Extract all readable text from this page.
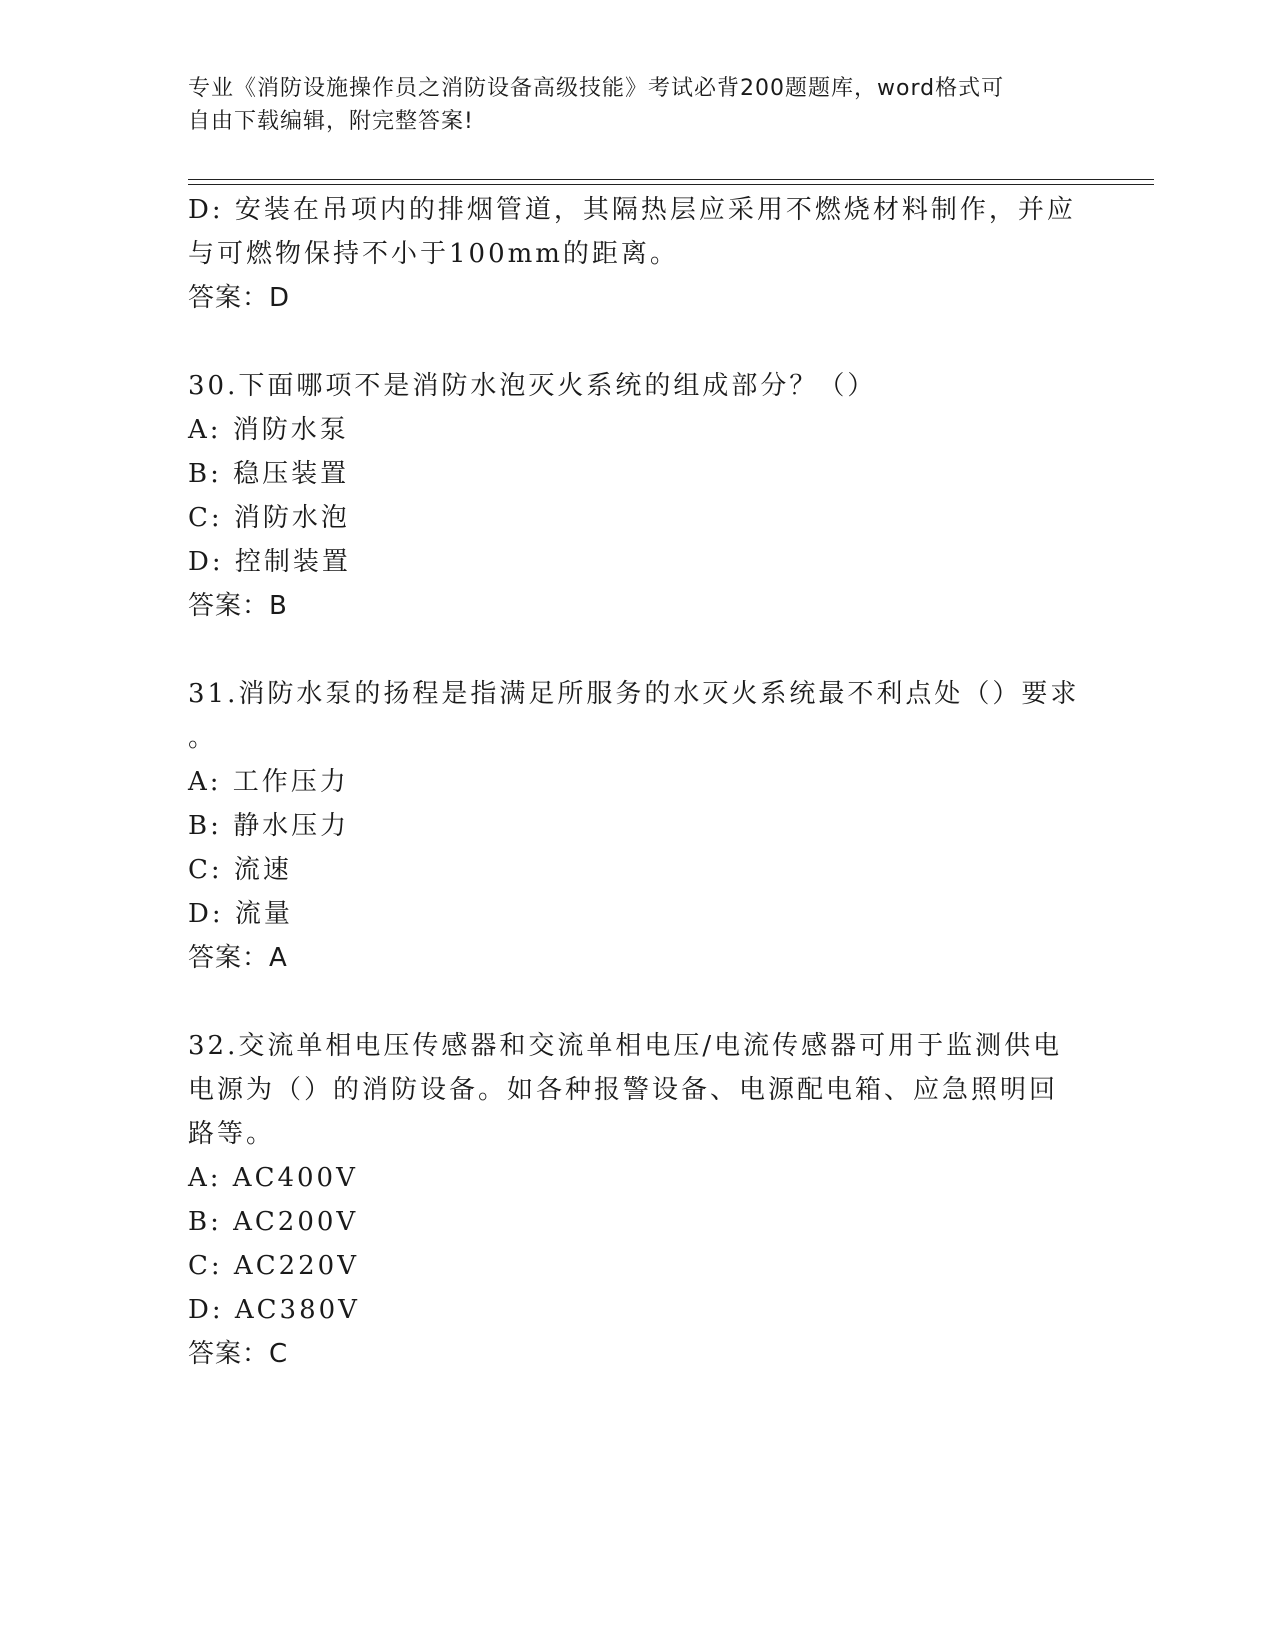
专业《消防设施操作员之消防设备高级技能》考试必背200题题库，word格式可
自由下载编辑，附完整答案!
D: 安装在吊项内的排烟管道，其隔热层应采用不燃烧材料制作，并应
与可燃物保持不小于100mm的距离。
答案：D
30.下面哪项不是消防水泡灭火系统的组成部分？（）
A: 消防水泵
B: 稳压装置
C: 消防水泡
D: 控制装置
答案：B
31.消防水泵的扬程是指满足所服务的水灭火系统最不利点处（）要求
。
A: 工作压力
B: 静水压力
C: 流速
D: 流量
答案：A
32.交流单相电压传感器和交流单相电压/电流传感器可用于监测供电
电源为（）的消防设备。如各种报警设备、电源配电箱、应急照明回
路等。
A: AC400V
B: AC200V
C: AC220V
D: AC380V
答案：C
